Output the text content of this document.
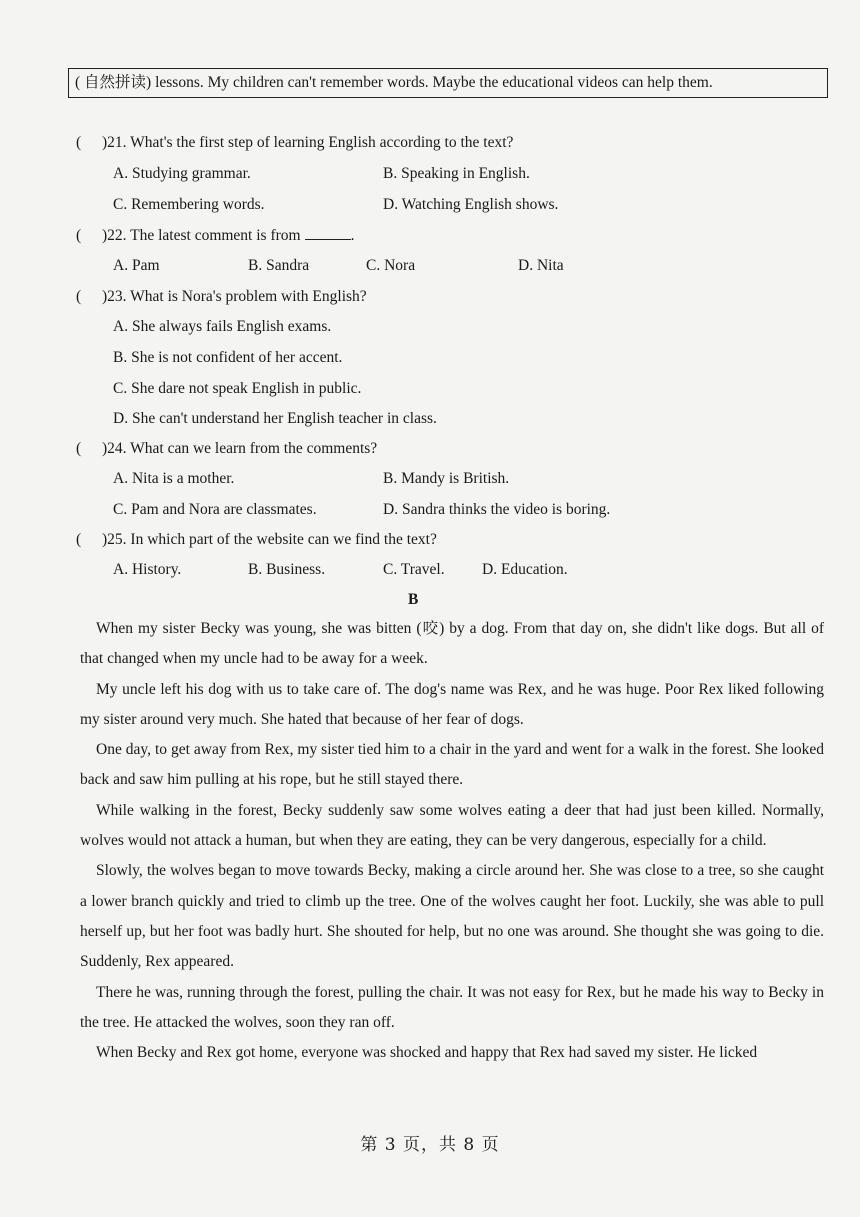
( 自然拼读) lessons. My children can't remember words. Maybe the educational videos can help them.
( )21. What's the first step of learning English according to the text?
A. Studying grammar.	B. Speaking in English.
C. Remembering words.	D. Watching English shows.
( )22. The latest comment is from	.
A. Pam	B. Sandra	C. Nora	D. Nita
( )23. What is Nora's problem with English?
A. She always fails English exams.
B. She is not confident of her accent.
C. She dare not speak English in public.
D. She can't understand her English teacher in class.
( )24. What can we learn from the comments?
A. Nita is a mother.	B. Mandy is British.
C. Pam and Nora are classmates.	D. Sandra thinks the video is boring.
( )25. In which part of the website can we find the text?
A. History.	B. Business.	C. Travel. D. Education.
B

When my sister Becky was young, she was bitten (咬) by a dog. From that day on, she didn't like dogs. But all of that changed when my uncle had to be away for a week.

My uncle left his dog with us to take care of. The dog's name was Rex, and he was huge. Poor Rex liked following my sister around very much. She hated that because of her fear of dogs.

One day, to get away from Rex, my sister tied him to a chair in the yard and went for a walk in the forest. She looked back and saw him pulling at his rope, but he still stayed there.

While walking in the forest, Becky suddenly saw some wolves eating a deer that had just been killed. Normally, wolves would not attack a human, but when they are eating, they can be very dangerous, especially for a child.

Slowly, the wolves began to move towards Becky, making a circle around her. She was close to a tree, so she caught a lower branch quickly and tried to climb up the tree. One of the wolves caught her foot. Luckily, she was able to pull herself up, but her foot was badly hurt. She shouted for help, but no one was around. She thought she was going to die. Suddenly, Rex appeared.

There he was, running through the forest, pulling the chair. It was not easy for Rex, but he made his way to Becky in the tree. He attacked the wolves, soon they ran off.

When Becky and Rex got home, everyone was shocked and happy that Rex had saved my sister. He licked

第 3 页，共 8 页
